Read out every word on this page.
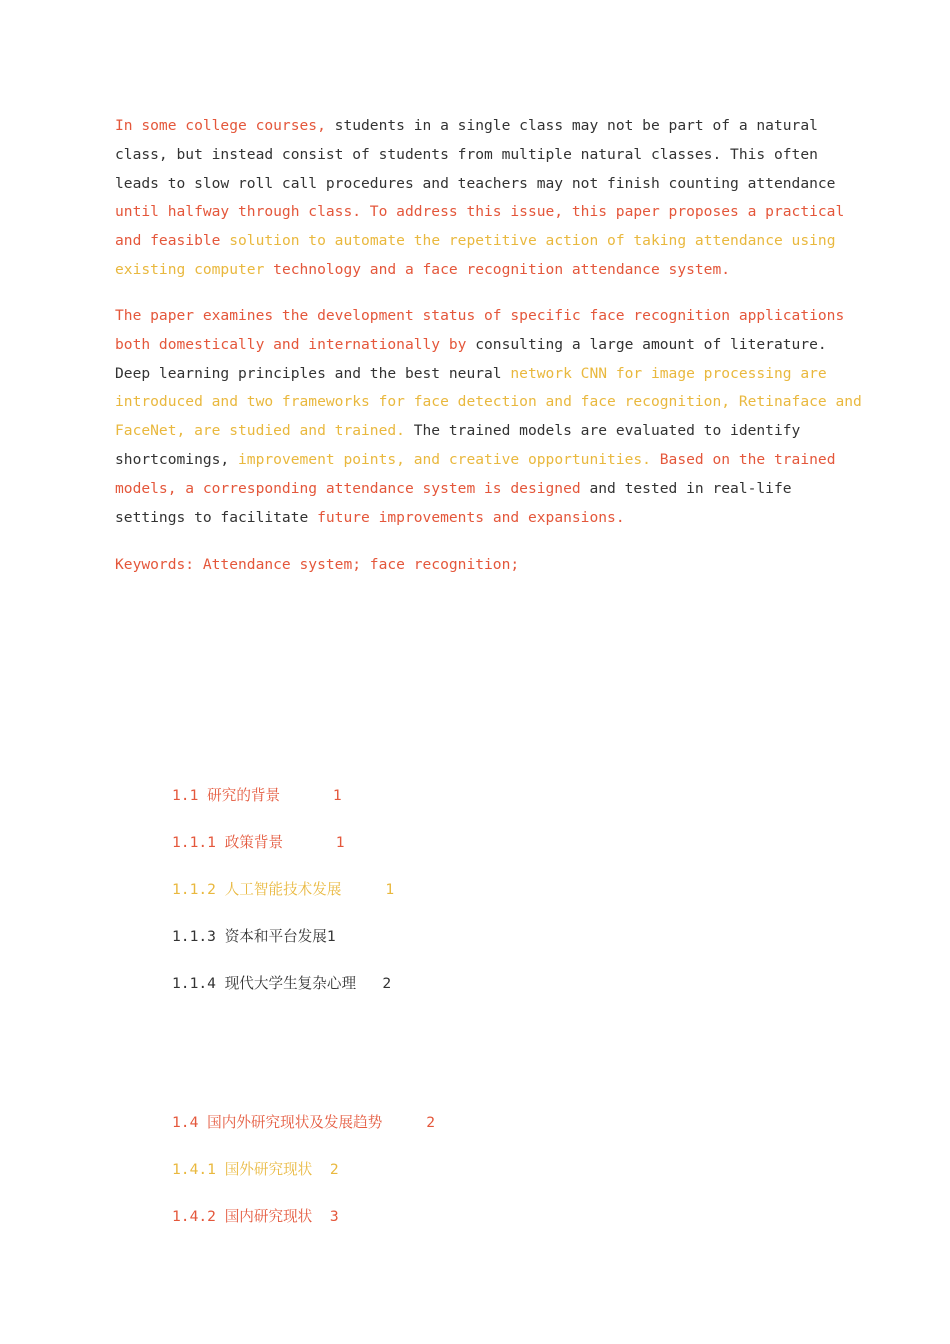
In some college courses, students in a single class may not be part of a natural
class, but instead consist of students from multiple natural classes. This often
leads to slow roll call procedures and teachers may not finish counting attendance
until halfway through class. To address this issue, this paper proposes a practical
and feasible solution to automate the repetitive action of taking attendance using
existing computer technology and a face recognition attendance system.
The paper examines the development status of specific face recognition applications
both domestically and internationally by consulting a large amount of literature.
Deep learning principles and the best neural network CNN for image processing are
introduced and two frameworks for face detection and face recognition, Retinaface and
FaceNet, are studied and trained. The trained models are evaluated to identify
shortcomings, improvement points, and creative opportunities. Based on the trained
models, a corresponding attendance system is designed and tested in real-life
settings to facilitate future improvements and expansions.
Keywords: Attendance system; face recognition;
1.1 研究的背景      1
1.1.1 政策背景      1
1.1.2 人工智能技术发展     1
1.1.3 资本和平台发展1
1.1.4 现代大学生复杂心理   2
1.4 国内外研究现状及发展趋势     2
1.4.1 国外研究现状  2
1.4.2 国内研究现状  3
